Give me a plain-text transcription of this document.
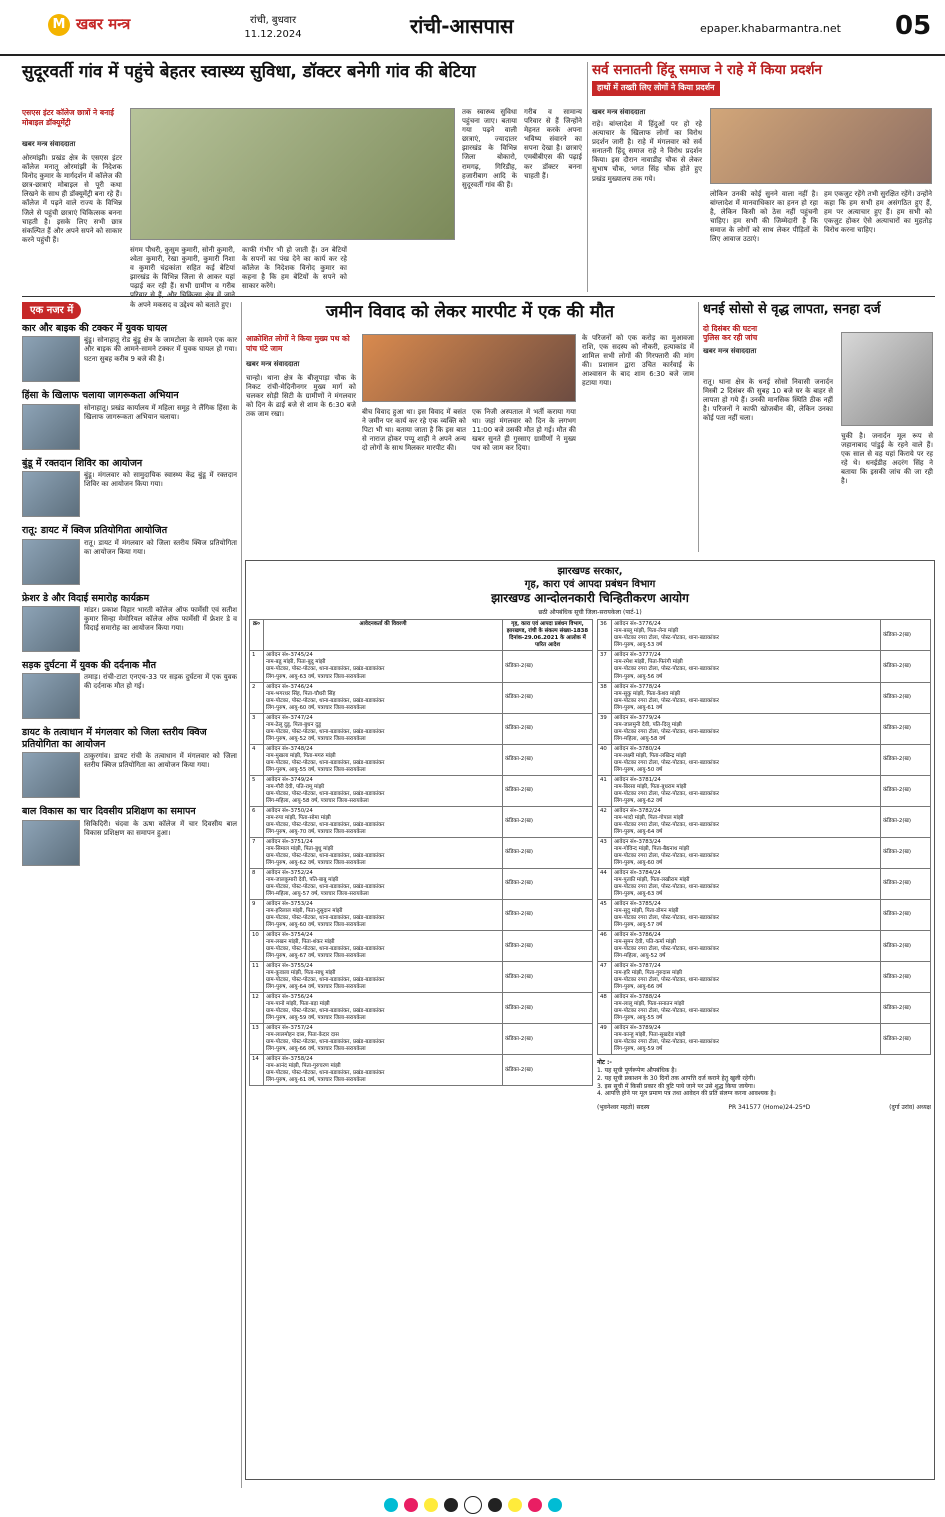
M खबर मन्त्र	रांची, बुधवार
11.12.2024	रांची-आसपास	epaper.khabarmantra.net 05
सुदूरवर्ती गांव में पहुंचे बेहतर स्वास्थ्य सुविधा, डॉक्टर बनेगी गांव की बेटिया
एसएस इंटर कॉलेज छात्रों ने बनाई मोबाइल डॉक्यूमेंट्री
खबर मन्त्र संवाददाता
ओरमांझी। प्रखंड क्षेत्र के एसएस इंटर कॉलेज मनातू ओरमांझी के निदेशक विनोद कुमार के मार्गदर्शन में कॉलेज की छात्र-छात्राएं मोबाइल से पूरी कथा लिखने के साथ ही डॉक्यूमेंट्री बना रहे हैं। कॉलेज में पढ़ने वाले राज्य के विभिन्न जिले से पहुंची छात्राएं चिकित्सक बनना चाहती है। इसके लिए सभी छात्र संकल्पित हैं और अपने सपने को साकार करने पहुंची हैं।
संगम पौधरी, कुसुम कुमारी, सोनी कुमारी, श्वेता कुमारी, रेखा कुमारी, कुमारी निशा व कुमारी चंद्रकांता सहित कई बेटियां झारखंड के विभिन्न जिला से आकर यहां पढ़ाई कर रही हैं। सभी ग्रामीण व गरीब के अपने मकसद व उद्देश्य को बताते हुए।
काफी गंभीर भी हो जाती हैं। उन बेटियों के सपनों का पंख देने का कार्य कर रहे कॉलेज के निदेशक विनोद कुमार का कहना है कि हम बेटियों के सपने को साकार करेंगे।
तक स्वास्थ्य सुविधा पहुंचना जाए। बताया गया पढ़ने वाली छात्राएं, ज्यादातर झारखंड के विभिन्न जिला बोकारो, रामगढ़, गिरिडीह, हजारीबाग आदि के सुदूरवर्ती गांव की हैं।
गरीब व सामान्य परिवार से हैं जिन्होंने मेहनत करके अपना भविष्य संवारने का सपना देखा है। छात्राएं एमबीबीएस की पढ़ाई कर डॉक्टर बनना चाहती हैं।
सर्व सनातनी हिंदू समाज ने राहे में किया प्रदर्शन
हाथों में तख्ती लिए लोगों ने किया प्रदर्शन
खबर मन्त्र संवाददाता
राहे। बांग्लादेश में हिंदुओं पर हो रहे अत्याचार के खिलाफ लोगों का विरोध प्रदर्शन जारी है। राहे में मंगलवार को सर्व सनातनी हिंदू समाज राहे ने विरोध प्रदर्शन किया। इस दौरान नावाडीह चौक से लेकर सुभाष चौक, भगत सिंह चौक होते हुए प्रखंड मुख्यालय तक गये।
लोकिन उनकी कोई सुनने वाला नहीं है। बांग्लादेश में मानवाधिकार का हनन हो रहा है, लेकिन किसी को ठेस नहीं पहुंचनी चाहिए। हम सभी की जिम्मेदारी है कि समाज के लोगों को साथ लेकर पीड़ितों के लिए आवाज उठाएं।
हम एकजुट रहेंगे तभी सुरक्षित रहेंगे। उन्होंने कहा कि हम सभी हम असंगठित हुए हैं, हम पर अत्याचार हुए हैं। हम सभी को एकजुट होकर ऐसे अत्याचारों का मुहतोड़ विरोध करना चाहिए।
एक नजर में
कार और बाइक की टक्कर में युवक घायल
बुंडू। सोनाहातू रोड बुंडू क्षेत्र के जामटोला के सामने एक कार और बाइक की आमने-सामने टक्कर में युवक घायल हो गया। घटना सुबह करीब 9 बजे की है।
हिंसा के खिलाफ चलाया जागरूकता अभियान
सोनाहातू। प्रखंड कार्यालय में महिला समूह ने लैंगिक हिंसा के खिलाफ जागरूकता अभियान चलाया।
बुंडू में रक्तदान शिविर का आयोजन
बुंडू। मंगलवार को सामुदायिक स्वास्थ्य केंद्र बुंडू में रक्तदान शिविर का आयोजन किया गया।
रातू: डायट में क्विज प्रतियोगिता आयोजित
रातू। डायट में मंगलवार को जिला स्तरीय क्विज प्रतियोगिता का आयोजन किया गया।
फ्रेशर डे और विदाई समारोह कार्यक्रम
मांडर। प्रकाश विहार भारती कॉलेज ऑफ फार्मेसी एवं सतीश कुमार सिन्हा मेमोरियल कॉलेज ऑफ फार्मेसी में फ्रेशर डे व विदाई समारोह का आयोजन किया गया।
सड़क दुर्घटना में युवक की दर्दनाक मौत
तमाड़। रांची-टाटा एनएच-33 पर सड़क दुर्घटना में एक युवक की दर्दनाक मौत हो गई।
डायट के तत्वाधान में मंगलवार को जिला स्तरीय क्विज प्रतियोगिता का आयोजन
ठाकुरगांव। डायट रांची के तत्वाधान में मंगलवार को जिला स्तरीय क्विज प्रतियोगिता का आयोजन किया गया।
बाल विकास का चार दिवसीय प्रशिक्षण का समापन
सिकिदिरी। चंदवा के ऊषा कॉलेज में चार दिवसीय बाल विकास प्रशिक्षण का समापन हुआ।
जमीन विवाद को लेकर मारपीट में एक की मौत
आक्रोशित लोगों ने किया मुख्य पथ को पांच घंटे जाम
खबर मन्त्र संवाददाता
चान्हो। थाना क्षेत्र के बीजूपाड़ा चौक के निकट रांची-मेदिनीनगर मुख्य मार्ग को चलकर सोड़ी सिटी के ग्रामीणों ने मंगलवार को दिन के ढाई बजे से शाम के 6:30 बजे तक जाम रखा।	बीच विवाद हुआ था। इस विवाद में बसंत ने जमीन पर कार्य कर रहे एक व्यक्ति को पिटा भी था। बताया जाता है कि इस बात से नाराज होकर पप्पू शाही ने अपने अन्य दो लोगों के साथ मिलकर मारपीट की।
एक निजी अस्पताल में भर्ती कराया गया था। जहां मंगलवार को दिन के लगभग 11:00 बजे उसकी मौत हो गई। मौत की खबर सुनते ही गुस्साए ग्रामीणों ने मुख्य पथ को जाम कर दिया।
के परिजनों को एक करोड़ का मुआवजा राशि, एक सदस्य को नौकरी, हत्याकांड में शामिल सभी लोगों की गिरफ्तारी की मांग की। प्रशासन द्वारा उचित कार्रवाई के आश्वासन के बाद शाम 6:30 बजे जाम हटाया गया।
धनई सोसो से वृद्ध लापता, सनहा दर्ज
दो दिसंबर की घटना
पुलिस कर रही जांच
खबर मन्त्र संवाददाता
रातू। थाना क्षेत्र के धनई सोसो निवासी जनार्दन मिस्त्री 2 दिसंबर की सुबह 10 बजे घर के बाहर से लापता हो गये हैं। उनकी मानसिक स्थिति ठीक नहीं है। परिजनों ने काफी खोजबीन की, लेकिन उनका कोई पता नहीं चला।
चुकी है। जनार्दन मूल रूप से जहानाबाद पांडुई के रहने वाले हैं। एक साल से वह यहां किराये पर रह रहे थे। धनईडीह अदरंग सिंह ने बताया कि इसकी जांच की जा रही है।
झारखण्ड सरकार,
गृह, कारा एवं आपदा प्रबंधन विभाग
झारखण्ड आन्दोलनकारी चिन्हितीकरण आयोग
छठी औपबंधिक सूची जिला-सरायकेला (पार्ट-1)
क्र०	आवेदनकर्ता की विवरणी	गृह, कारा एवं आपदा प्रबंधन विभाग, झारखण्ड, रांची के संकल्प संख्या-1838 दिनांक-29.06.2021 के आलोक में पारित आदेश
1	आवेदन सं०-3745/24
नाम-बडू मांझी, पिता-बुदु मांझी
ग्राम-पोटका, पोस्ट-पोटका, थाना-बडाकांकर, प्रखंड-बडाकांकर
लिंग-पुरुष, आयु-63 वर्ष, पत्राचार जिला-सरायकेला	कंडिका-2(ख)
2	आवेदन सं०-3746/24
नाम-भगरधर सिंह, पिता-चौधरी सिंह
ग्राम-पोटका, पोस्ट-पोटका, थाना-बडाकांकर, प्रखंड-बडाकांकर
लिंग-पुरुष, आयु-60 वर्ष, पत्राचार जिला-सरायकेला	कंडिका-2(ख)
3	आवेदन सं०-3747/24
नाम-ठेलू दुडू, पिता-बुधन दुडू
ग्राम-पोटका, पोस्ट-पोटका, थाना-बडाकांकर, प्रखंड-बडाकांकर
लिंग-पुरुष, आयु-52 वर्ष, पत्राचार जिला-सरायकेला	कंडिका-2(ख)
4	आवेदन सं०-3748/24
नाम-मुखला मांझी, पिता-मगरु मांझी
ग्राम-पोटका, पोस्ट-पोटका, थाना-बडाकांकर, प्रखंड-बडाकांकर
लिंग-पुरुष, आयु-55 वर्ष, पत्राचार जिला-सरायकेला	कंडिका-2(ख)
5	आवेदन सं०-3749/24
नाम-गौरी देवी, पति-रामू मांझी
ग्राम-पोटका, पोस्ट-पोटका, थाना-बडाकांकर, प्रखंड-बडाकांकर
लिंग-महिला, आयु-58 वर्ष, पत्राचार जिला-सरायकेला	कंडिका-2(ख)
6	आवेदन सं०-3750/24
नाम-रुपा मांझी, पिता-सोमा मांझी
ग्राम-पोटका, पोस्ट-पोटका, थाना-बडाकांकर, प्रखंड-बडाकांकर
लिंग-पुरुष, आयु-70 वर्ष, पत्राचार जिला-सरायकेला	कंडिका-2(ख)
7	आवेदन सं०-3751/24
नाम-सिमाल मांझी, पिता-बुधु मांझी
ग्राम-पोटका, पोस्ट-पोटका, थाना-बडाकांकर, प्रखंड-बडाकांकर
लिंग-पुरुष, आयु-62 वर्ष, पत्राचार जिला-सरायकेला	कंडिका-2(ख)
8	आवेदन सं०-3752/24
नाम-जालकुमारी देवी, पति-बाबू मांझी
ग्राम-पोटका, पोस्ट-पोटका, थाना-बडाकांकर, प्रखंड-बडाकांकर
लिंग-महिला, आयु-57 वर्ष, पत्राचार जिला-सरायकेला	कंडिका-2(ख)
9	आवेदन सं०-3753/24
नाम-हरिलाल मांझी, पिता-दुसुदान मांझी
ग्राम-पोटका, पोस्ट-पोटका, थाना-बडाकांकर, प्रखंड-बडाकांकर
लिंग-पुरुष, आयु-60 वर्ष, पत्राचार जिला-सरायकेला	कंडिका-2(ख)
10	आवेदन सं०-3754/24
नाम-लखन मांझी, पिता-शंकर मांझी
ग्राम-पोटका, पोस्ट-पोटका, थाना-बडाकांकर, प्रखंड-बडाकांकर
लिंग-पुरुष, आयु-67 वर्ष, पत्राचार जिला-सरायकेला	कंडिका-2(ख)
11	आवेदन सं०-3755/24
नाम-कुवाला मांझी, पिता-साधु मांझी
ग्राम-पोटका, पोस्ट-पोटका, थाना-बडाकांकर, प्रखंड-बडाकांकर
लिंग-पुरुष, आयु-64 वर्ष, पत्राचार जिला-सरायकेला	कंडिका-2(ख)
12	आवेदन सं०-3756/24
नाम-पानो मांझी, पिता-बड़ा मांझी
ग्राम-पोटका, पोस्ट-पोटका, थाना-बडाकांकर, प्रखंड-बडाकांकर
लिंग-पुरुष, आयु-59 वर्ष, पत्राचार जिला-सरायकेला	कंडिका-2(ख)
13	आवेदन सं०-3757/24
नाम-लालमोहन दास, पिता-केदार दास
ग्राम-पोटका, पोस्ट-पोटका, थाना-बडाकांकर, प्रखंड-बडाकांकर
लिंग-पुरुष, आयु-66 वर्ष, पत्राचार जिला-सरायकेला	कंडिका-2(ख)
14	आवेदन सं०-3758/24
नाम-आनंद मांझी, पिता-गुरुचरण मांझी
ग्राम-पोटका, पोस्ट-पोटका, थाना-बडाकांकर, प्रखंड-बडाकांकर
लिंग-पुरुष, आयु-61 वर्ष, पत्राचार जिला-सरायकेला	कंडिका-2(ख)
36	आवेदन सं०-3776/24
नाम-बब्लू मांझी, पिता-लेना मांझी
ग्राम-पोटका रगरा टोला, पोस्ट-पोटका, थाना-बडाकांकर
लिंग-पुरुष, आयु-53 वर्ष	कंडिका-2(ख)
37	आवेदन सं०-3777/24
नाम-रमेश मांझी, पिता-फिरंगी मांझी
ग्राम-पोटका रगरा टोला, पोस्ट-पोटका, थाना-बडाकांकर
लिंग-पुरुष, आयु-56 वर्ष	कंडिका-2(ख)
38	आवेदन सं०-3778/24
नाम-सुकु मांझी, पिता-केशव मांझी
ग्राम-पोटका रगरा टोला, पोस्ट-पोटका, थाना-बडाकांकर
लिंग-पुरुष, आयु-61 वर्ष	कंडिका-2(ख)
39	आवेदन सं०-3779/24
नाम-जालमुनी देवी, पति-दिलू मांझी
ग्राम-पोटका रगरा टोला, पोस्ट-पोटका, थाना-बडाकांकर
लिंग-महिला, आयु-58 वर्ष	कंडिका-2(ख)
40	आवेदन सं०-3780/24
नाम-लक्ष्मी मांझी, पिता-लखिन्द्र मांझी
ग्राम-पोटका रगरा टोला, पोस्ट-पोटका, थाना-बडाकांकर
लिंग-पुरुष, आयु-50 वर्ष	कंडिका-2(ख)
41	आवेदन सं०-3781/24
नाम-बिरसा मांझी, पिता-बुधराम मांझी
ग्राम-पोटका रगरा टोला, पोस्ट-पोटका, थाना-बडाकांकर
लिंग-पुरुष, आयु-62 वर्ष	कंडिका-2(ख)
42	आवेदन सं०-3782/24
नाम-भादो मांझी, पिता-गोपाल मांझी
ग्राम-पोटका रगरा टोला, पोस्ट-पोटका, थाना-बडाकांकर
लिंग-पुरुष, आयु-64 वर्ष	कंडिका-2(ख)
43	आवेदन सं०-3783/24
नाम-गोविन्द मांझी, पिता-बैद्यनाथ मांझी
ग्राम-पोटका रगरा टोला, पोस्ट-पोटका, थाना-बडाकांकर
लिंग-पुरुष, आयु-60 वर्ष	कंडिका-2(ख)
44	आवेदन सं०-3784/24
नाम-पुतकी मांझी, पिता-लखीराम मांझी
ग्राम-पोटका रगरा टोला, पोस्ट-पोटका, थाना-बडाकांकर
लिंग-पुरुष, आयु-63 वर्ष	कंडिका-2(ख)
45	आवेदन सं०-3785/24
नाम-सुदु मांझी, पिता-डोमन मांझी
ग्राम-पोटका रगरा टोला, पोस्ट-पोटका, थाना-बडाकांकर
लिंग-पुरुष, आयु-57 वर्ष	कंडिका-2(ख)
46	आवेदन सं०-3786/24
नाम-सुमन देवी, पति-कर्मा मांझी
ग्राम-पोटका रगरा टोला, पोस्ट-पोटका, थाना-बडाकांकर
लिंग-महिला, आयु-52 वर्ष	कंडिका-2(ख)
47	आवेदन सं०-3787/24
नाम-हरि मांझी, पिता-गुरुदास मांझी
ग्राम-पोटका रगरा टोला, पोस्ट-पोटका, थाना-बडाकांकर
लिंग-पुरुष, आयु-66 वर्ष	कंडिका-2(ख)
48	आवेदन सं०-3788/24
नाम-लालू मांझी, पिता-सनातन मांझी
ग्राम-पोटका रगरा टोला, पोस्ट-पोटका, थाना-बडाकांकर
लिंग-पुरुष, आयु-55 वर्ष	कंडिका-2(ख)
49	आवेदन सं०-3789/24
नाम-कान्हु मांझी, पिता-सुखदेव मांझी
ग्राम-पोटका रगरा टोला, पोस्ट-पोटका, थाना-बडाकांकर
लिंग-पुरुष, आयु-59 वर्ष	कंडिका-2(ख)
नोट :-
1. यह सूची पूर्णरूपेण औपबंधिक है।
2. यह सूची प्रकाशन के 30 दिनों तक आपत्ति दर्ज कराने हेतु खुली रहेगी।
3. इस सूची में किसी प्रकार की त्रुटि पाये जाने पर उसे शुद्ध किया जायेगा।
4. आपत्ति होने पर मूल प्रमाण पत्र तथा आवेदन की प्रति संलग्न करना आवश्यक है।
(भुवनेश्वर महतो) सदस्य	PR 341577 (Home)24-25*D	(दुर्गा उरांव) अध्यक्ष
